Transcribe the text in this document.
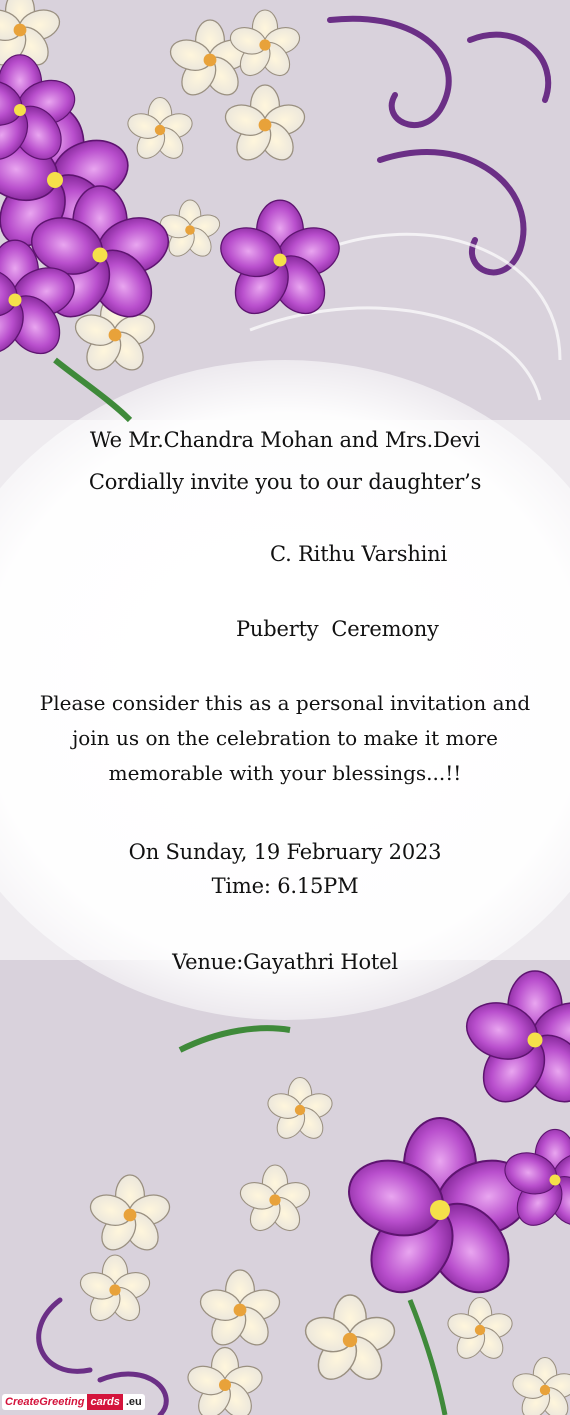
We Mr.Chandra Mohan and Mrs.Devi
Cordially invite you to our daughter’s
C. Rithu Varshini
Puberty  Ceremony
Please consider this as a personal invitation and join us on the celebration to make it more memorable with your blessings...!!
On Sunday, 19 February 2023
Time: 6.15PM
Venue:Gayathri Hotel
CreateGreeting cards .eu
